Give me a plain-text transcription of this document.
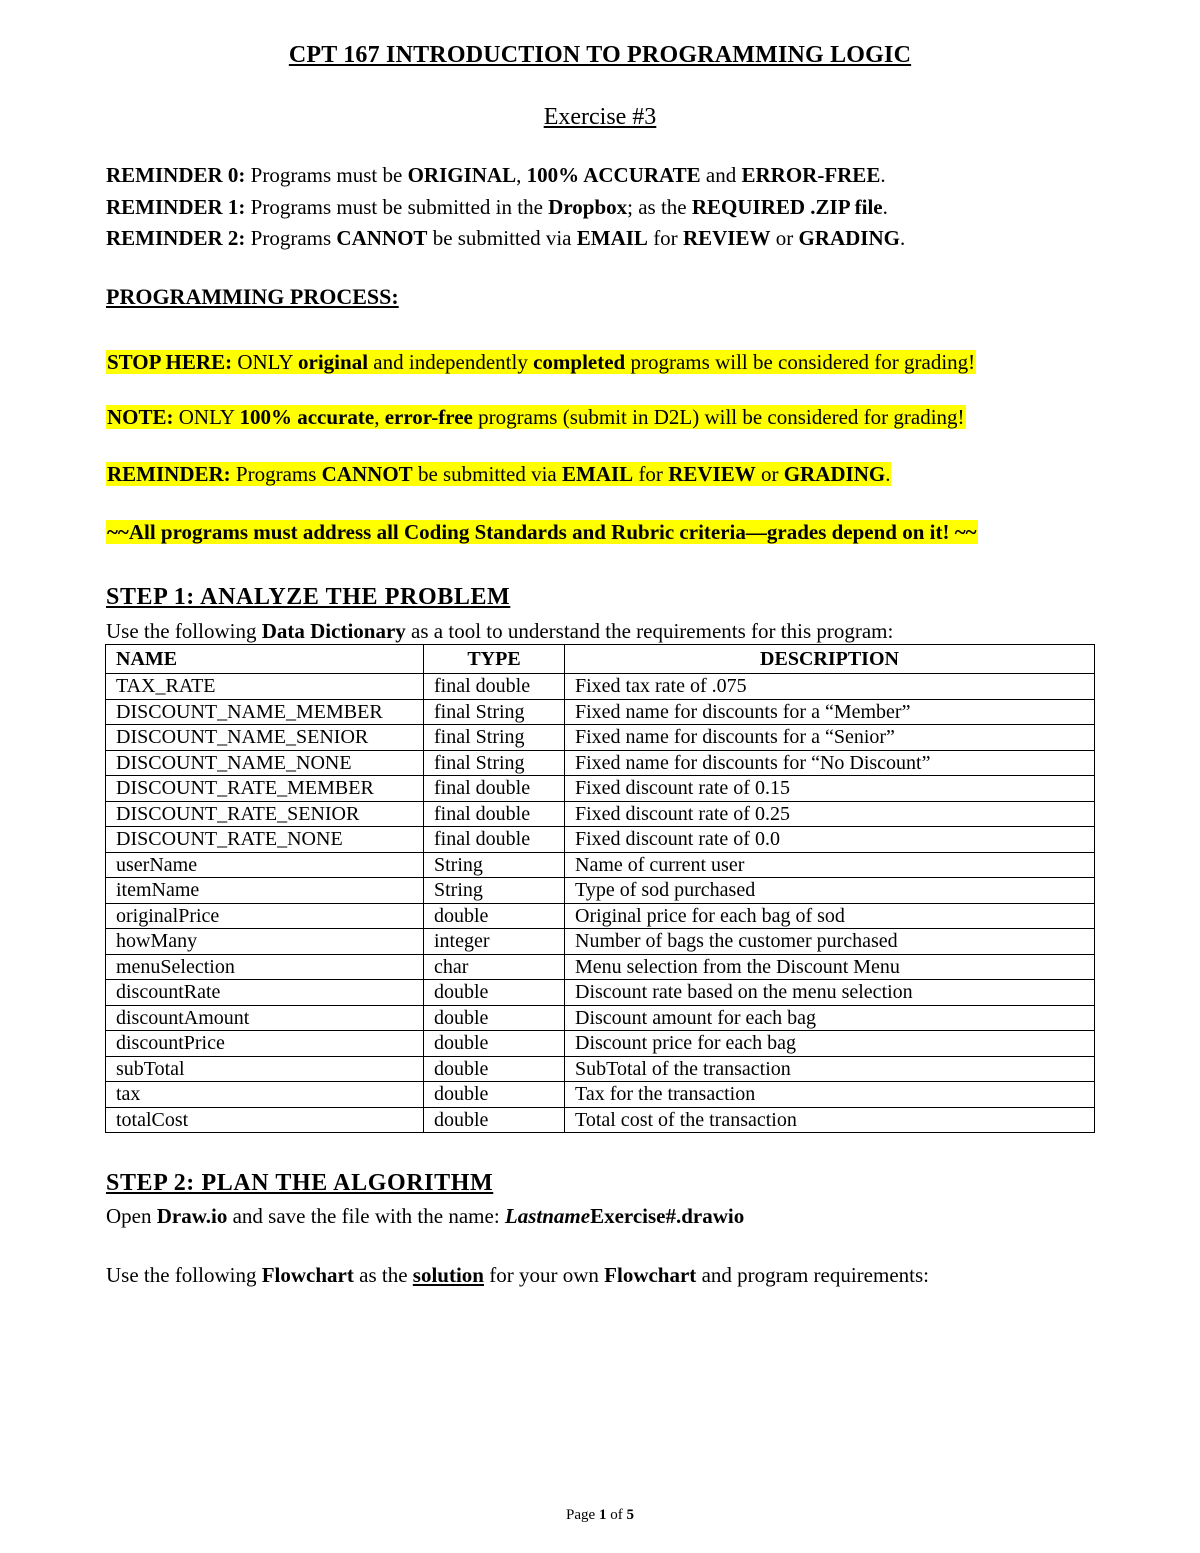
CPT 167 INTRODUCTION TO PROGRAMMING LOGIC
Exercise #3
REMINDER 0: Programs must be ORIGINAL, 100% ACCURATE and ERROR-FREE.
REMINDER 1: Programs must be submitted in the Dropbox; as the REQUIRED .ZIP file.
REMINDER 2: Programs CANNOT be submitted via EMAIL for REVIEW or GRADING.
PROGRAMMING PROCESS:
STOP HERE: ONLY original and independently completed programs will be considered for grading!
NOTE: ONLY 100% accurate, error-free programs (submit in D2L) will be considered for grading!
REMINDER: Programs CANNOT be submitted via EMAIL for REVIEW or GRADING.
~~All programs must address all Coding Standards and Rubric criteria—grades depend on it! ~~
STEP 1: ANALYZE THE PROBLEM
Use the following Data Dictionary as a tool to understand the requirements for this program:
NAME	TYPE	DESCRIPTION
TAX_RATE	final double	Fixed tax rate of .075
DISCOUNT_NAME_MEMBER	final String	Fixed name for discounts for a “Member”
DISCOUNT_NAME_SENIOR	final String	Fixed name for discounts for a “Senior”
DISCOUNT_NAME_NONE	final String	Fixed name for discounts for “No Discount”
DISCOUNT_RATE_MEMBER	final double	Fixed discount rate of 0.15
DISCOUNT_RATE_SENIOR	final double	Fixed discount rate of 0.25
DISCOUNT_RATE_NONE	final double	Fixed discount rate of 0.0
userName	String	Name of current user
itemName	String	Type of sod purchased
originalPrice	double	Original price for each bag of sod
howMany	integer	Number of bags the customer purchased
menuSelection	char	Menu selection from the Discount Menu
discountRate	double	Discount rate based on the menu selection
discountAmount	double	Discount amount for each bag
discountPrice	double	Discount price for each bag
subTotal	double	SubTotal of the transaction
tax	double	Tax for the transaction
totalCost	double	Total cost of the transaction
STEP 2: PLAN THE ALGORITHM
Open Draw.io and save the file with the name: LastnameExercise#.drawio
Use the following Flowchart as the solution for your own Flowchart and program requirements:
Page 1 of 5
